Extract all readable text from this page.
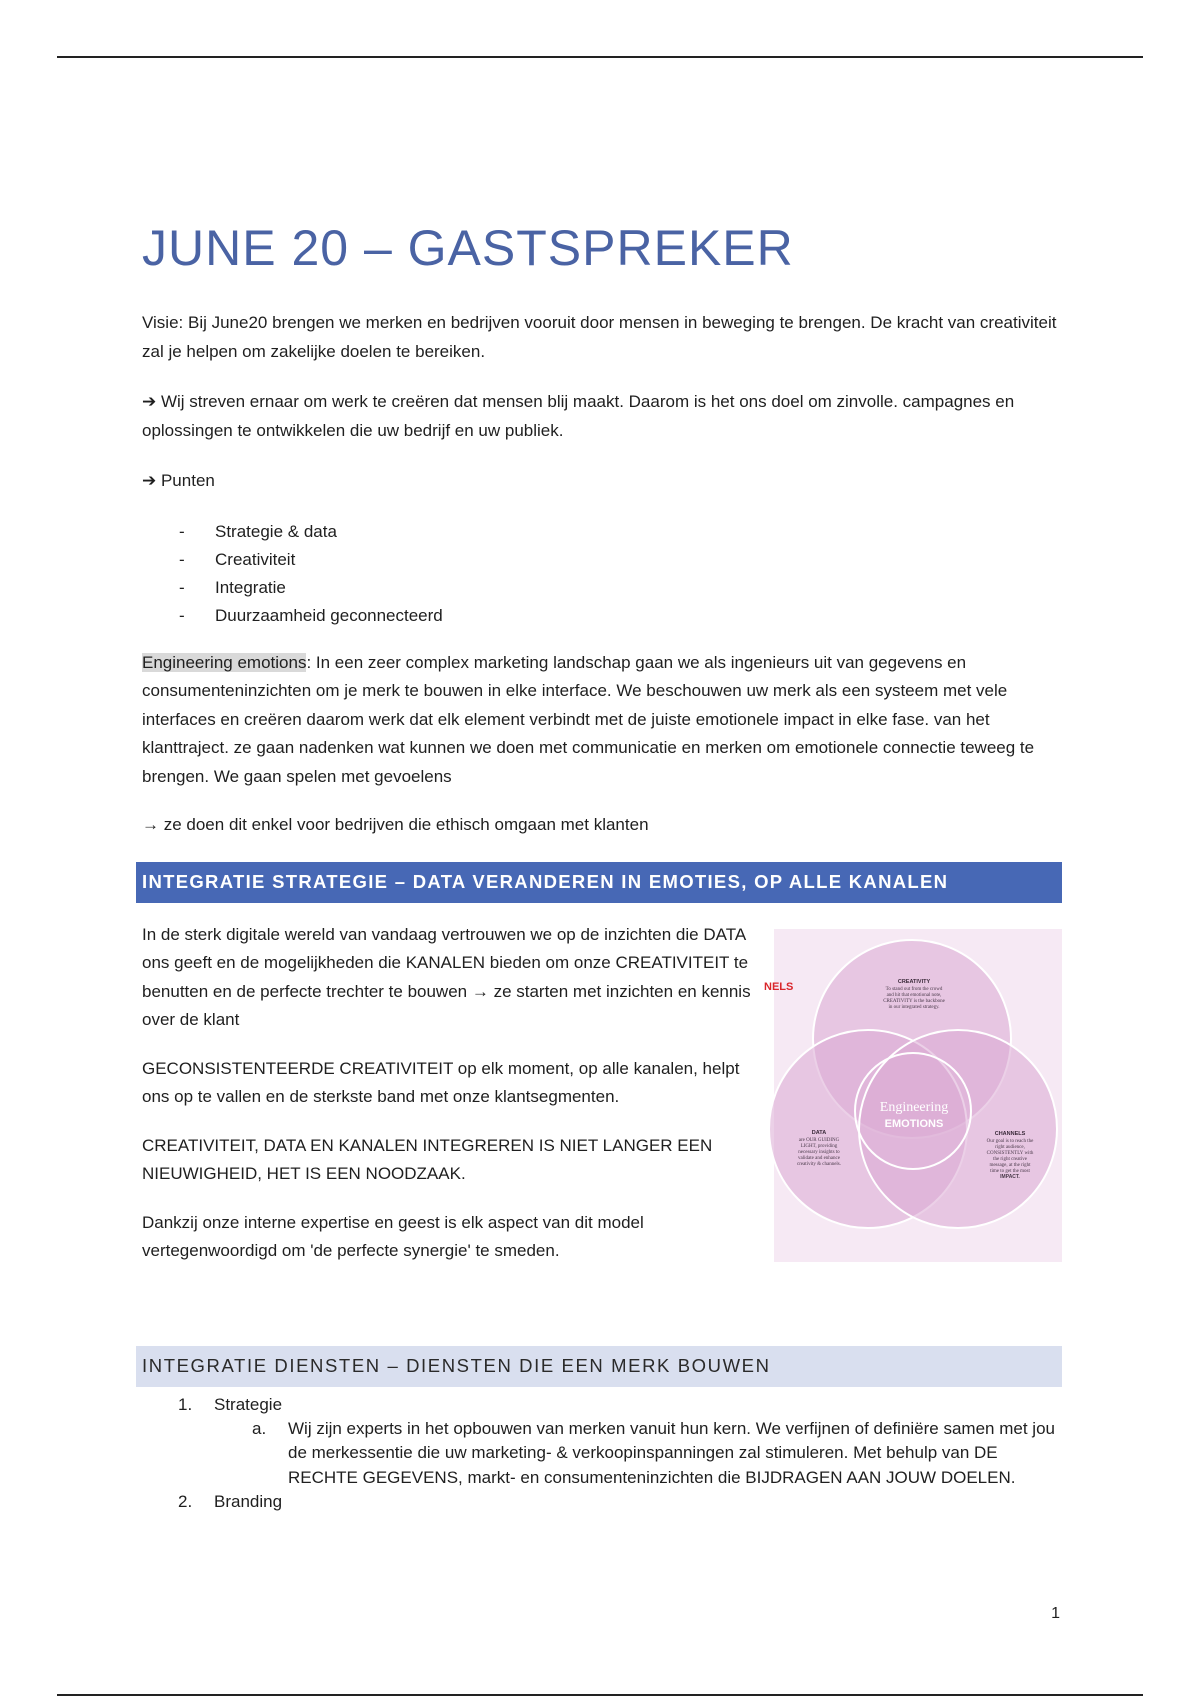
JUNE 20 – GASTSPREKER

Visie: Bij June20 brengen we merken en bedrijven vooruit door mensen in beweging te brengen. De kracht van creativiteit zal je helpen om zakelijke doelen te bereiken.

➔ Wij streven ernaar om werk te creëren dat mensen blij maakt. Daarom is het ons doel om zinvolle. campagnes en oplossingen te ontwikkelen die uw bedrijf en uw publiek.

➔ Punten

-	Strategie & data
-	Creativiteit
-	Integratie
-	Duurzaamheid geconnecteerd

Engineering emotions: In een zeer complex marketing landschap gaan we als ingenieurs uit van gegevens en consumenteninzichten om je merk te bouwen in elke interface. We beschouwen uw merk als een systeem met vele interfaces en creëren daarom werk dat elk element verbindt met de juiste emotionele impact in elke fase. van het klanttraject. ze gaan nadenken wat kunnen we doen met communicatie en merken om emotionele connectie teweeg te brengen. We gaan spelen met gevoelens

→ ze doen dit enkel voor bedrijven die ethisch omgaan met klanten

INTEGRATIE STRATEGIE – DATA VERANDEREN IN EMOTIES, OP ALLE KANALEN

In de sterk digitale wereld van vandaag vertrouwen we op de inzichten die DATA ons geeft en de mogelijkheden die KANALEN bieden om onze CREATIVITEIT te benutten en de perfecte trechter te bouwen → ze starten met inzichten en kennis over de klant

GECONSISTENTEERDE CREATIVITEIT op elk moment, op alle kanalen, helpt ons op te vallen en de sterkste band met onze klantsegmenten.

CREATIVITEIT, DATA EN KANALEN INTEGREREN IS NIET LANGER EEN NIEUWIGHEID, HET IS EEN NOODZAAK.

Dankzij onze interne expertise en geest is elk aspect van dit model vertegenwoordigd om 'de perfecte synergie' te smeden.

NELS
Engineering
EMOTIONS
CREATIVITY
To stand out from the crowd
and hit that emotional note,
CREATIVITY is the backbone
in our integrated strategy.
DATA
are OUR GUIDING
LIGHT, providing
necessary insights to
validate and enhance
creativity & channels.
CHANNELS
Our goal is to reach the
right audience,
CONSISTENTLY with
the right creative
message, at the right
time to get the most
IMPACT.
INTEGRATIE DIENSTEN – DIENSTEN DIE EEN MERK BOUWEN
1. Strategie
a.	Wij zijn experts in het opbouwen van merken vanuit hun kern. We verfijnen of definiëre samen met jou de merkessentie die uw marketing- & verkoopinspanningen zal stimuleren. Met behulp van DE RECHTE GEGEVENS, markt- en consumenteninzichten die BIJDRAGEN AAN JOUW DOELEN.
2. Branding
1
